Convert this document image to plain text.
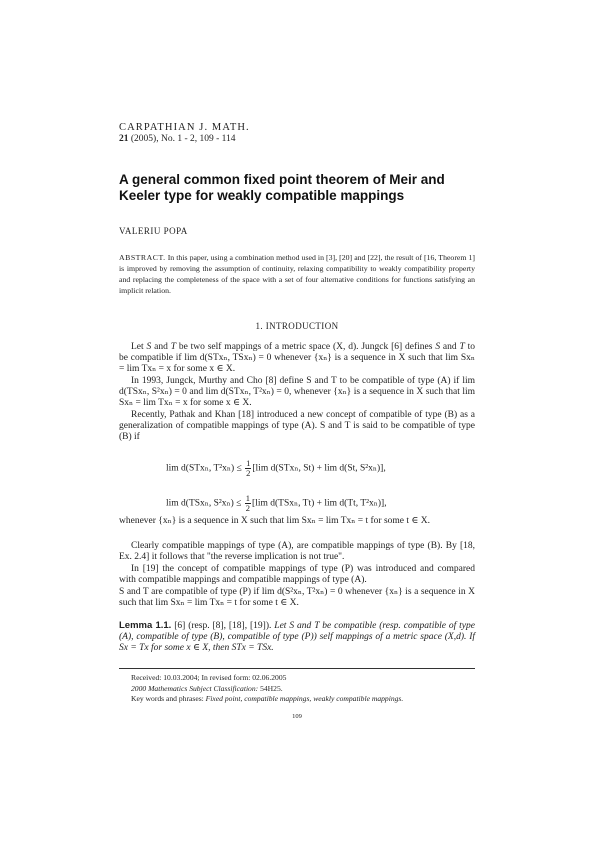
CARPATHIAN J. MATH.
21 (2005), No. 1 - 2, 109 - 114
A general common fixed point theorem of Meir and Keeler type for weakly compatible mappings
VALERIU POPA
ABSTRACT. In this paper, using a combination method used in [3], [20] and [22], the result of [16, Theorem 1] is improved by removing the assumption of continuity, relaxing compatibility to weakly compatibility property and replacing the completeness of the space with a set of four alternative conditions for functions satisfying an implicit relation.
1. INTRODUCTION
Let S and T be two self mappings of a metric space (X, d). Jungck [6] defines S and T to be compatible if lim d(STxₙ, TSxₙ) = 0 whenever {xₙ} is a sequence in X such that lim Sxₙ = lim Txₙ = x for some x ∈ X.
In 1993, Jungck, Murthy and Cho [8] define S and T to be compatible of type (A) if lim d(TSxₙ, S²xₙ) = 0 and lim d(STxₙ, T²xₙ) = 0, whenever {xₙ} is a sequence in X such that lim Sxₙ = lim Txₙ = x for some x ∈ X.
Recently, Pathak and Khan [18] introduced a new concept of compatible of type (B) as a generalization of compatible mappings of type (A). S and T is said to be compatible of type (B) if
lim d(STxₙ, $T^2x_n) \le \frac{1}{2} [\lim$ d(STxₙ, St) + lim d(St, S²xₙ)],
lim d(TSxₙ, $S^2x_n) \le \frac{1}{2} [\lim$ d(TSxₙ, Tt) + lim d(Tt, T²xₙ)],
whenever {xₙ} is a sequence in X such that lim Sxₙ = lim Txₙ = t for some t ∈ X.
Clearly compatible mappings of type (A), are compatible mappings of type (B). By [18, Ex. 2.4] it follows that "the reverse implication is not true".
In [19] the concept of compatible mappings of type (P) was introduced and compared with compatible mappings and compatible mappings of type (A).
S and T are compatible of type (P) if lim d(S²xₙ, T²xₙ) = 0 whenever {xₙ} is a sequence in X such that lim Sxₙ = lim Txₙ = t for some t ∈ X.
Lemma 1.1. [6] (resp. [8], [18], [19]). Let S and T be compatible (resp. compatible of type (A), compatible of type (B), compatible of type (P)) self mappings of a metric space (X,d). If Sx = Tx for some x ∈ X, then STx = TSx.
Received: 10.03.2004; In revised form: 02.06.2005
2000 Mathematics Subject Classification: 54H25.
Key words and phrases: Fixed point, compatible mappings, weakly compatible mappings.
109
